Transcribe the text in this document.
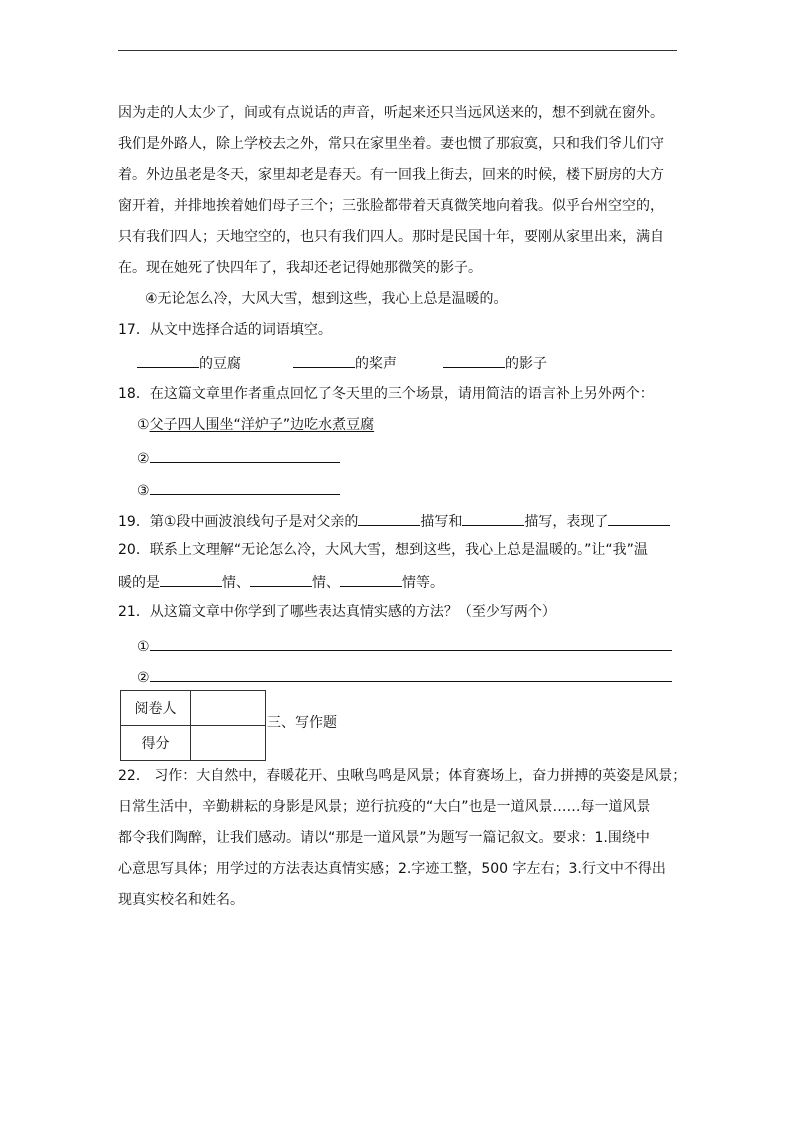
因为走的人太少了，间或有点说话的声音，听起来还只当远风送来的，想不到就在窗外。
我们是外路人，除上学校去之外，常只在家里坐着。妻也惯了那寂寞，只和我们爷儿们守
着。外边虽老是冬天，家里却老是春天。有一回我上街去，回来的时候，楼下厨房的大方
窗开着，并排地挨着她们母子三个；三张脸都带着天真微笑地向着我。似乎台州空空的，
只有我们四人；天地空空的，也只有我们四人。那时是民国十年，要刚从家里出来，满自
在。现在她死了快四年了，我却还老记得她那微笑的影子。
④无论怎么冷，大风大雪，想到这些，我心上总是温暖的。
17．从文中选择合适的词语填空。
的豆腐	的桨声	的影子
18．在这篇文章里作者重点回忆了冬天里的三个场景，请用简洁的语言补上另外两个：
①父子四人围坐“洋炉子”边吃水煮豆腐
②
③
19．第①段中画波浪线句子是对父亲的	描写和	描写，表现了
20．联系上文理解“无论怎么冷，大风大雪，想到这些，我心上总是温暖的。”让“我”温
暖的是	情、	情、	情等。
21．从这篇文章中你学到了哪些表达真情实感的方法？（至少写两个）
①
②
阅卷人	
得分	
三、写作题
22． 习作：大自然中，春暖花开、虫啾鸟鸣是风景；体育赛场上，奋力拼搏的英姿是风景；
日常生活中，辛勤耕耘的身影是风景；逆行抗疫的“大白”也是一道风景……每一道风景
都令我们陶醉，让我们感动。请以“那是一道风景”为题写一篇记叙文。要求：1.围绕中
心意思写具体；用学过的方法表达真情实感；2.字迹工整，500 字左右；3.行文中不得出
现真实校名和姓名。
